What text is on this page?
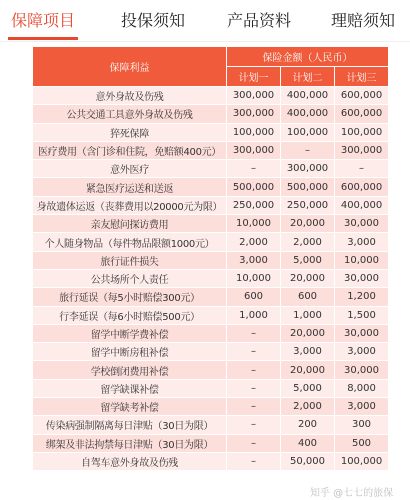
保障项目	投保须知	产品资料 理赔须知
保障利益	保险金额（人民币）		
	计划一	计划二	计划三
意外身故及伤残	300,000	400,000	600,000
公共交通工具意外身故及伤残	300,000	400,000	600,000
猝死保障	100,000	100,000	100,000
医疗费用（含门诊和住院，免赔额400元）	300,000	–	300,000
意外医疗	–	300,000	–
紧急医疗运送和送返	500,000	500,000	600,000
身故遗体运返（丧葬费用以20000元为限）	250,000	250,000	400,000
亲友慰问探访费用	10,000	20,000	30,000
个人随身物品（每件物品限额1000元）	2,000	2,000	3,000
旅行证件损失	3,000	5,000	10,000
公共场所个人责任	10,000	20,000	30,000
旅行延误（每5小时赔偿300元）	600	600	1,200
行李延误（每6小时赔偿500元）	1,000	1,000	1,500
留学中断学费补偿	–	20,000	30,000
留学中断房租补偿	–	3,000	3,000
学校倒闭费用补偿	–	20,000	30,000
留学缺课补偿	–	5,000	8,000
留学缺考补偿	–	2,000	3,000
传染病强制隔离每日津贴（30日为限）	–	200	300
绑架及非法拘禁每日津贴（30日为限）	–	400	500
自驾车意外身故及伤残	–	50,000	100,000
知乎 @七七的旅保
